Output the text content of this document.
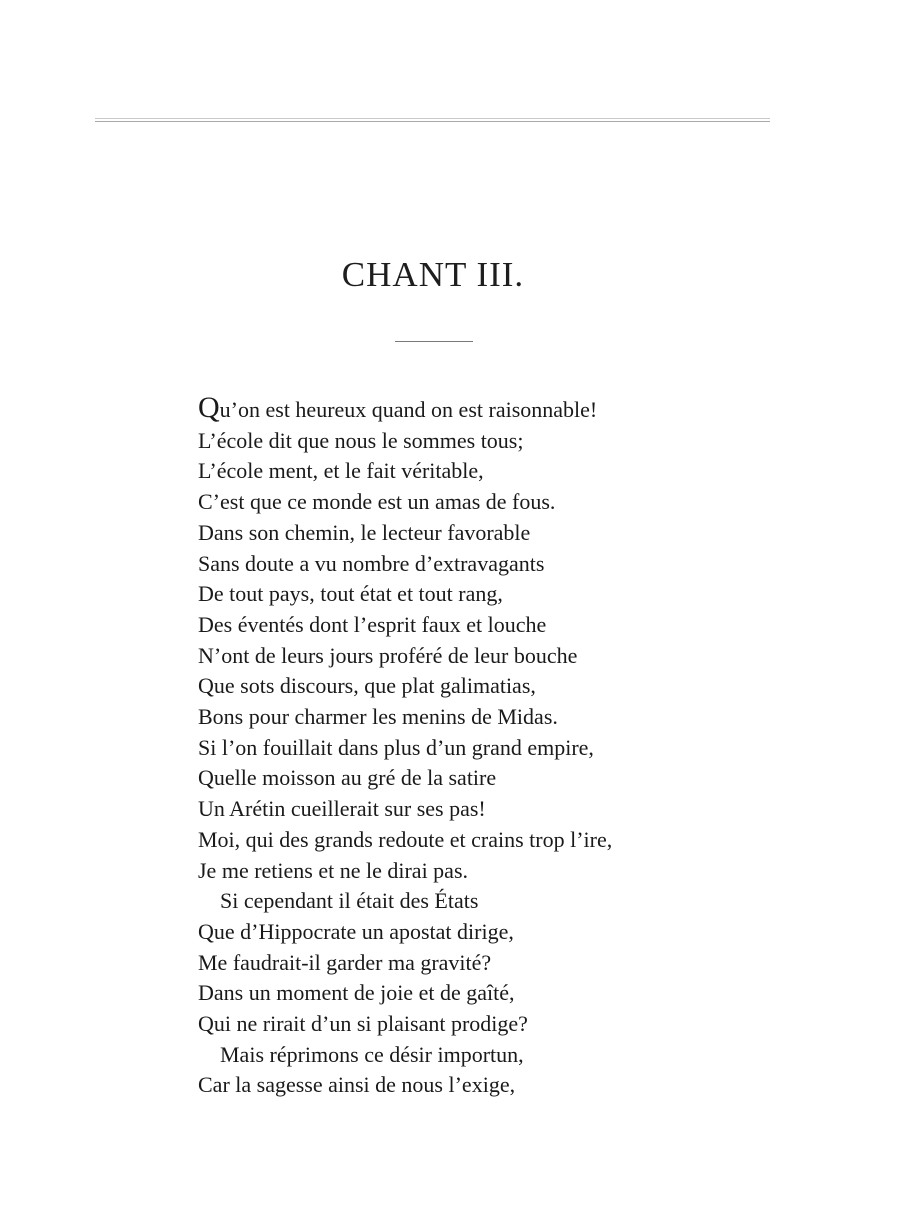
CHANT III.
Qu’on est heureux quand on est raisonnable!
L’école dit que nous le sommes tous;
L’école ment, et le fait véritable,
C’est que ce monde est un amas de fous.
Dans son chemin, le lecteur favorable
Sans doute a vu nombre d’extravagants
De tout pays, tout état et tout rang,
Des éventés dont l’esprit faux et louche
N’ont de leurs jours proféré de leur bouche
Que sots discours, que plat galimatias,
Bons pour charmer les menins de Midas.
Si l’on fouillait dans plus d’un grand empire,
Quelle moisson au gré de la satire
Un Arétin cueillerait sur ses pas!
Moi, qui des grands redoute et crains trop l’ire,
Je me retiens et ne le dirai pas.
Si cependant il était des États
Que d’Hippocrate un apostat dirige,
Me faudrait-il garder ma gravité?
Dans un moment de joie et de gaîté,
Qui ne rirait d’un si plaisant prodige?
Mais réprimons ce désir importun,
Car la sagesse ainsi de nous l’exige,
